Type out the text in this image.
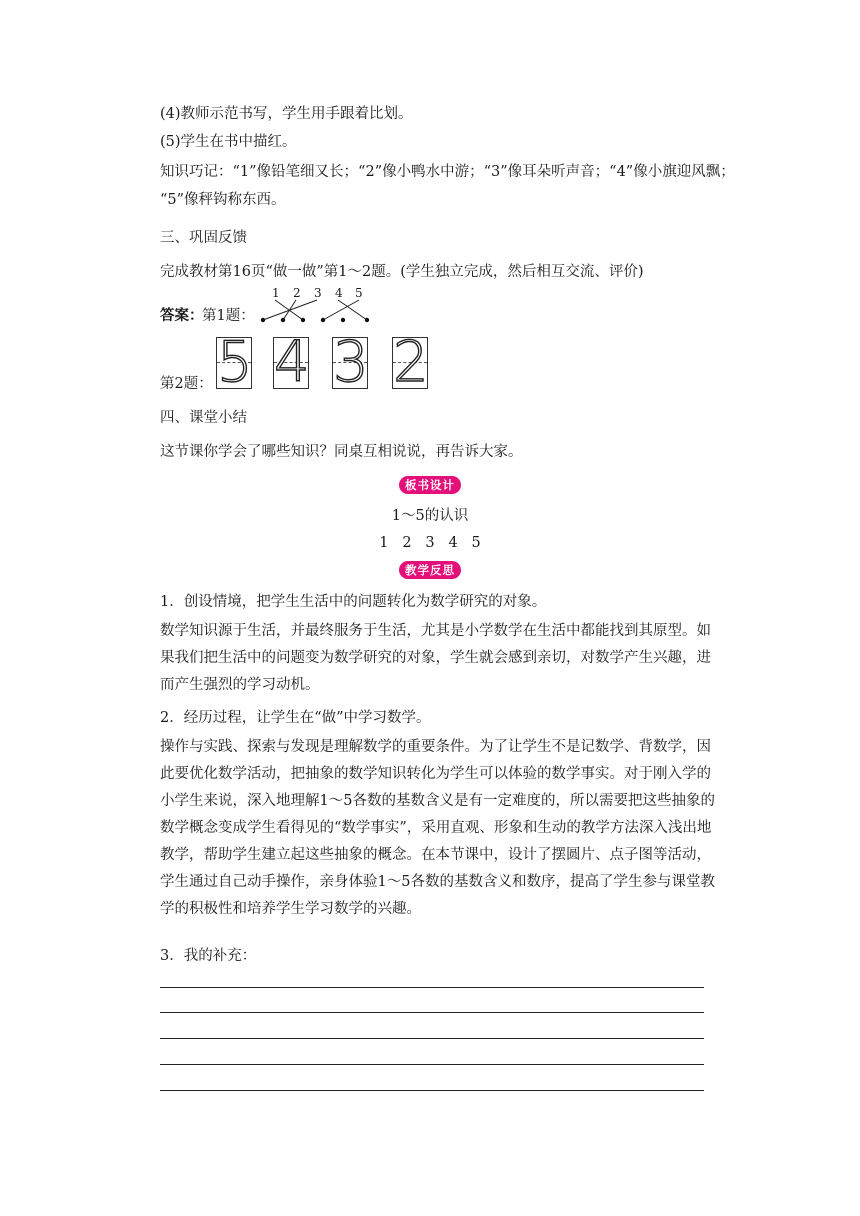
(4)教师示范书写，学生用手跟着比划。
(5)学生在书中描红。
知识巧记：“1”像铅笔细又长；“2”像小鸭水中游；“3”像耳朵听声音；“4”像小旗迎风飘；
“5”像秤钩称东西。
三、巩固反馈
完成教材第16页“做一做”第1～2题。(学生独立完成，然后相互交流、评价)
答案：
第1题：
1 2 3 4 5
第2题： 5 4 3 2
四、课堂小结
这节课你学会了哪些知识？同桌互相说说，再告诉大家。
板书设计
1～5的认识
1   2   3   4   5
教学反思
1．创设情境，把学生生活中的问题转化为数学研究的对象。
数学知识源于生活，并最终服务于生活，尤其是小学数学在生活中都能找到其原型。如果我们把生活中的问题变为数学研究的对象，学生就会感到亲切，对数学产生兴趣，进而产生强烈的学习动机。
2．经历过程，让学生在“做”中学习数学。
操作与实践、探索与发现是理解数学的重要条件。为了让学生不是记数学、背数学，因此要优化数学活动，把抽象的数学知识转化为学生可以体验的数学事实。对于刚入学的小学生来说，深入地理解1～5各数的基数含义是有一定难度的，所以需要把这些抽象的数学概念变成学生看得见的“数学事实”，采用直观、形象和生动的教学方法深入浅出地教学，帮助学生建立起这些抽象的概念。在本节课中，设计了摆圆片、点子图等活动，学生通过自己动手操作，亲身体验1～5各数的基数含义和数序，提高了学生参与课堂教学的积极性和培养学生学习数学的兴趣。
3．我的补充：
